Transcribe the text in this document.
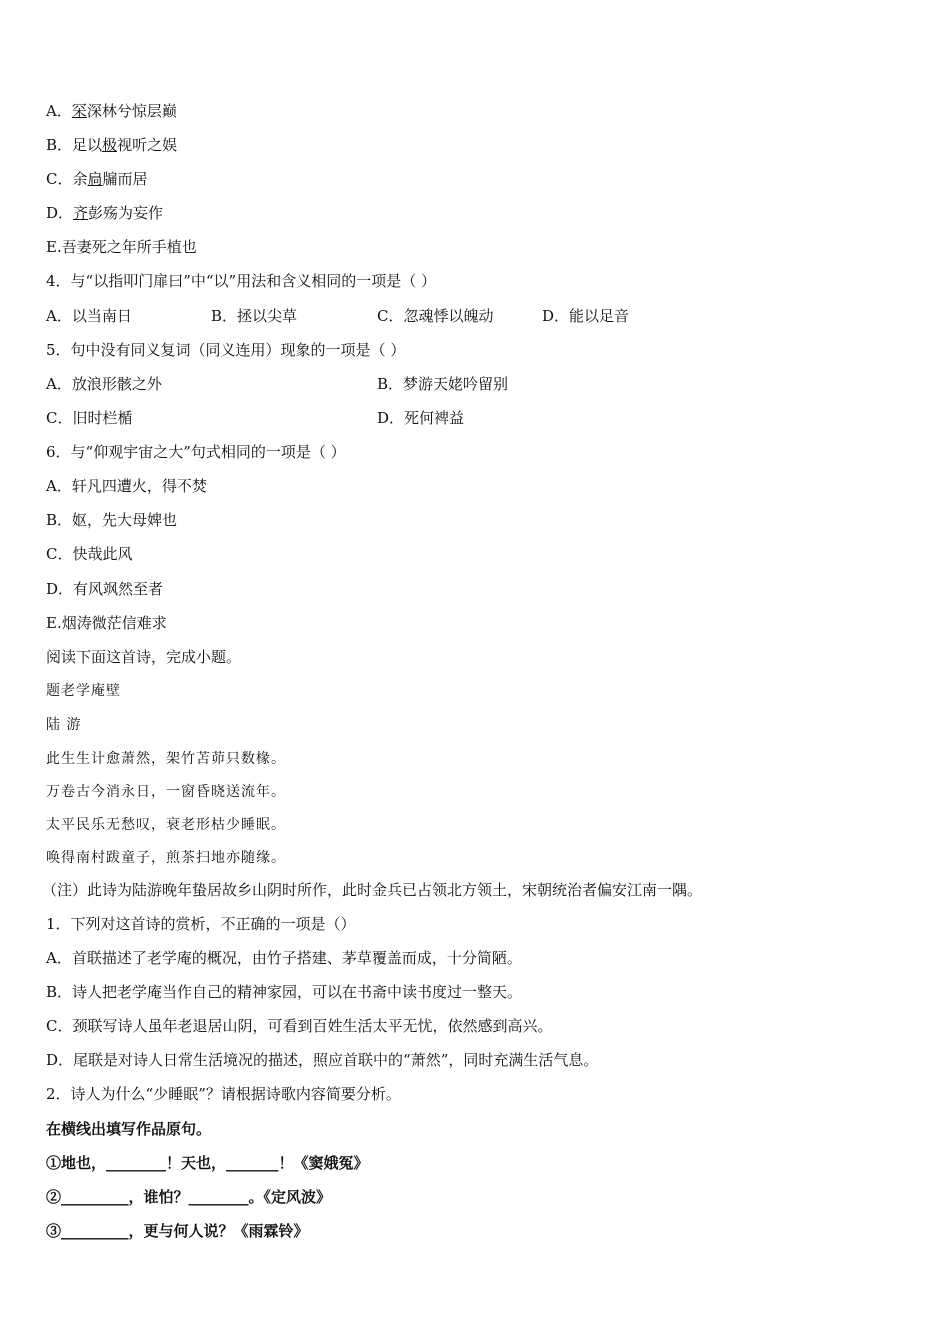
A．罙深林兮惊层巅
B．足以极视听之娱
C．余扃牖而居
D．齐彭殇为妄作
E.吾妻死之年所手植也
4．与“以指叩门扉曰”中“以”用法和含义相同的一项是（ ）
A．以当南日	B．拯以尖草	C．忽魂悸以魄动	D．能以足音
5．句中没有同义复词（同义连用）现象的一项是（ ）
A．放浪形骸之外	B．梦游天姥吟留别
C．旧时栏楯	D．死何裨益
6．与“仰观宇宙之大”句式相同的一项是（ ）
A．轩凡四遭火，得不焚
B．妪，先大母婢也
C．快哉此风
D．有风飒然至者
E.烟涛微茫信难求
阅读下面这首诗，完成小题。
题老学庵壁
陆 游
此生生计愈萧然，架竹苫茆只数椽。
万卷古今消永日，一窗昏晓送流年。
太平民乐无愁叹，衰老形枯少睡眠。
唤得南村跋童子，煎茶扫地亦随缘。
（注）此诗为陆游晚年蛰居故乡山阴时所作，此时金兵已占领北方领土，宋朝统治者偏安江南一隅。
1．下列对这首诗的赏析，不正确的一项是（）
A．首联描述了老学庵的概况，由竹子搭建、茅草覆盖而成，十分简陋。
B．诗人把老学庵当作自己的精神家园，可以在书斋中读书度过一整天。
C．颈联写诗人虽年老退居山阴，可看到百姓生活太平无忧，依然感到高兴。
D．尾联是对诗人日常生活境况的描述，照应首联中的“萧然”，同时充满生活气息。
2．诗人为什么“少睡眠”？请根据诗歌内容简要分析。
在横线出填写作品原句。
①地也，________！天也，_______！《窦娥冤》
②_________，谁怕？________。《定风波》
③_________，更与何人说？《雨霖铃》
